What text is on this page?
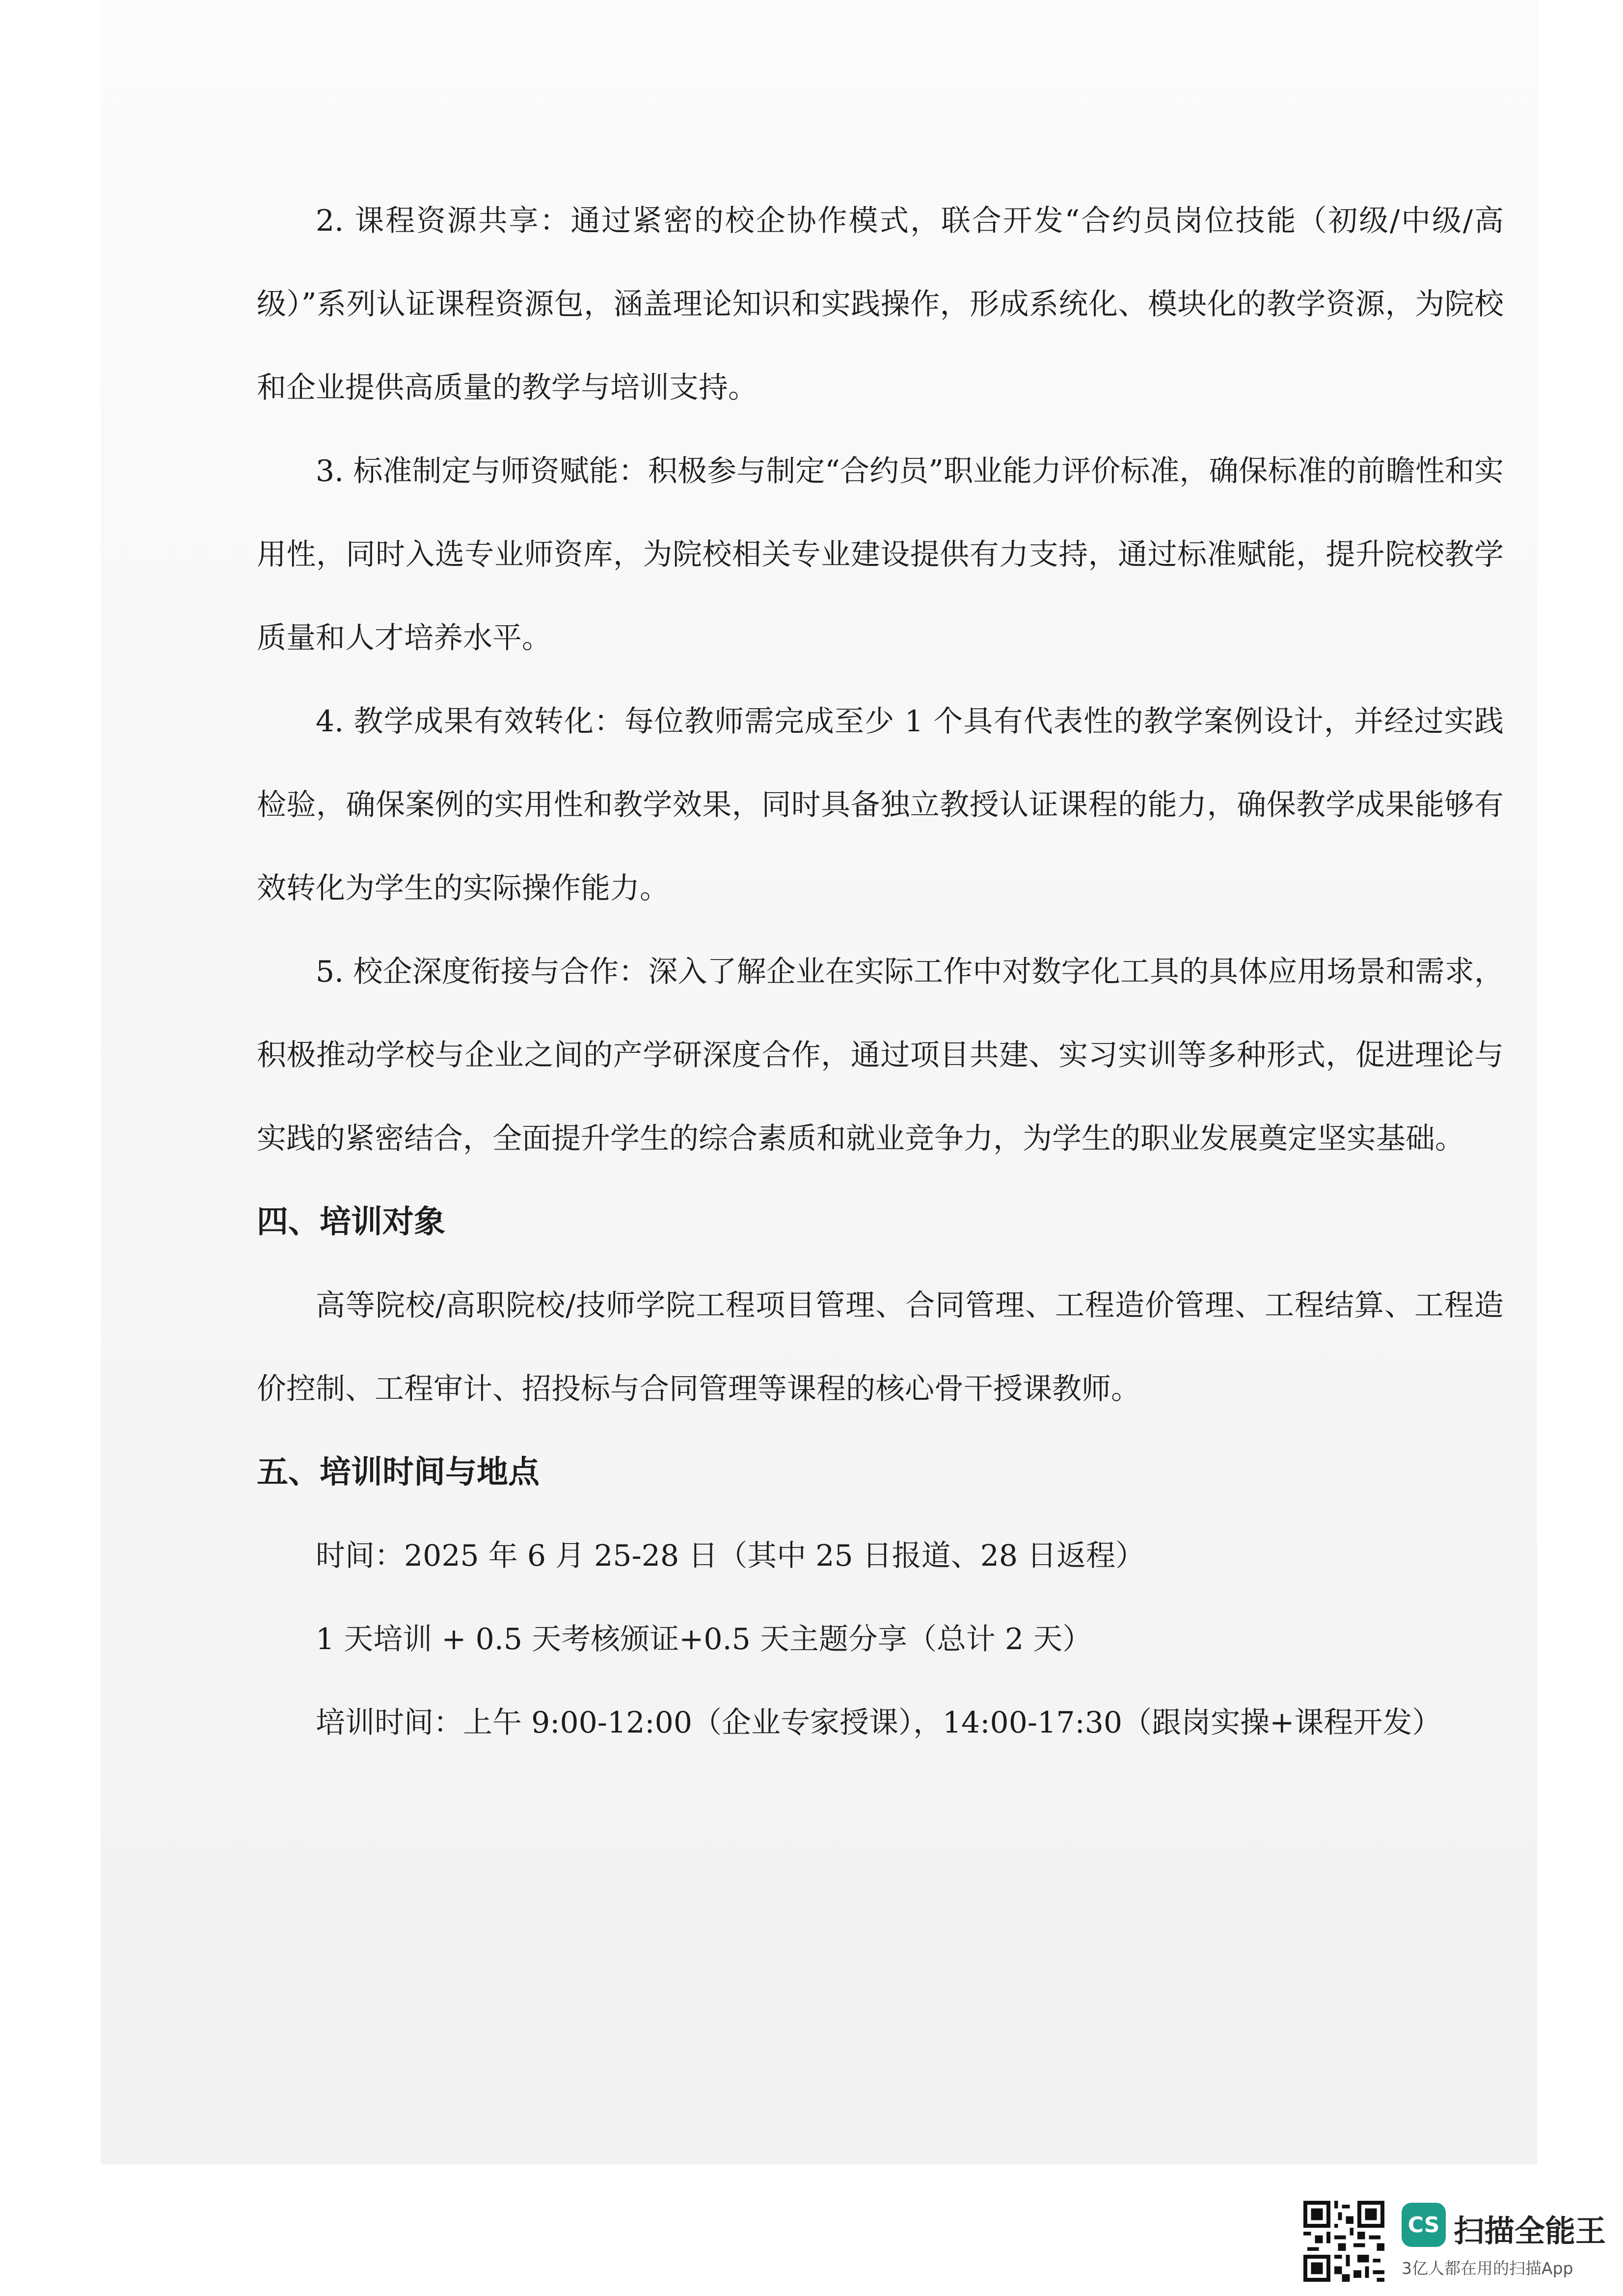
2. 课程资源共享：通过紧密的校企协作模式，联合开发“合约员岗位技能（初级/中级/高级）”系列认证课程资源包，涵盖理论知识和实践操作，形成系统化、模块化的教学资源，为院校和企业提供高质量的教学与培训支持。

3. 标准制定与师资赋能：积极参与制定“合约员”职业能力评价标准，确保标准的前瞻性和实用性，同时入选专业师资库，为院校相关专业建设提供有力支持，通过标准赋能，提升院校教学质量和人才培养水平。

4. 教学成果有效转化：每位教师需完成至少 1 个具有代表性的教学案例设计，并经过实践检验，确保案例的实用性和教学效果，同时具备独立教授认证课程的能力，确保教学成果能够有效转化为学生的实际操作能力。

5. 校企深度衔接与合作：深入了解企业在实际工作中对数字化工具的具体应用场景和需求，积极推动学校与企业之间的产学研深度合作，通过项目共建、实习实训等多种形式，促进理论与实践的紧密结合，全面提升学生的综合素质和就业竞争力，为学生的职业发展奠定坚实基础。

四、培训对象

高等院校/高职院校/技师学院工程项目管理、合同管理、工程造价管理、工程结算、工程造价控制、工程审计、招投标与合同管理等课程的核心骨干授课教师。

五、培训时间与地点

时间：2025 年 6 月 25-28 日（其中 25 日报道、28 日返程）

1 天培训 + 0.5 天考核颁证+0.5 天主题分享（总计 2 天）

培训时间：上午 9:00-12:00（企业专家授课），14:00-17:30（跟岗实操+课程开发）

CS 扫描全能王
3亿人都在用的扫描App
